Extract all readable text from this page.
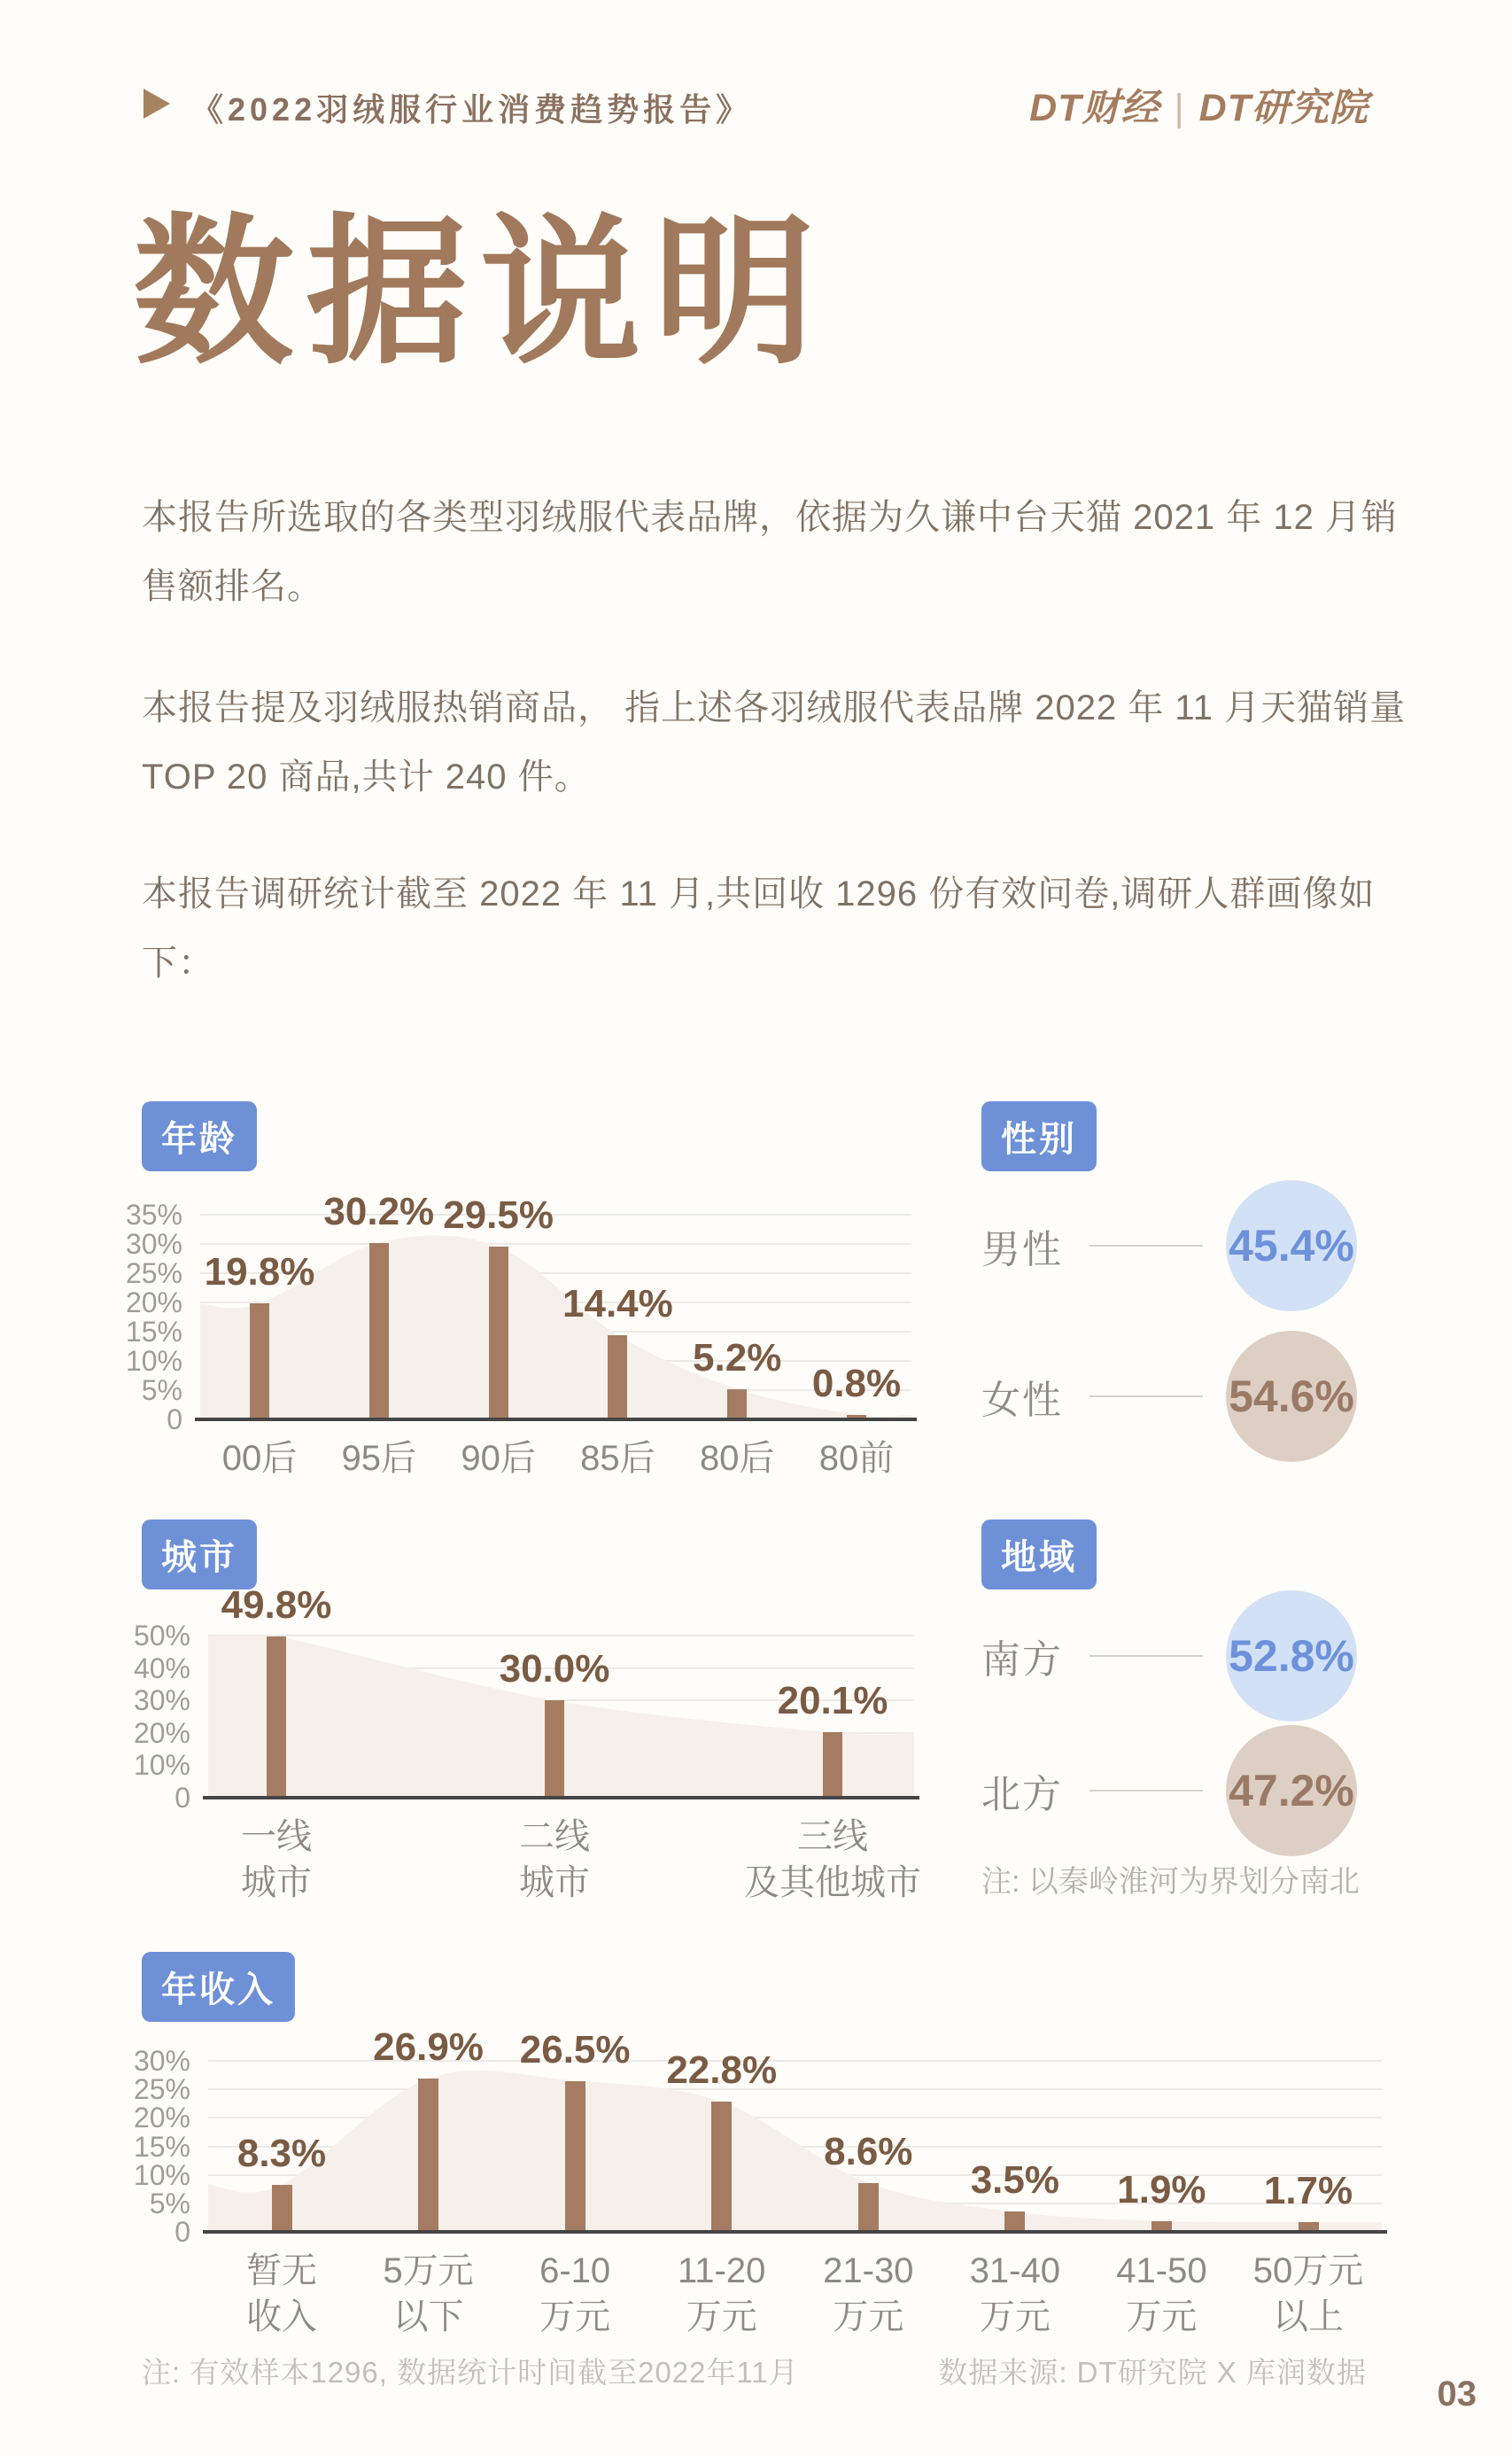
《2022羽绒服行业消费趋势报告》	DT财经 | DT研究院
数据说明

本报告所选取的各类型羽绒服代表品牌，依据为久谦中台天猫 2021 年 12 月销售额排名。

本报告提及羽绒服热销商品， 指上述各羽绒服代表品牌 2022 年 11 月天猫销量 TOP 20 商品,共计 240 件。

本报告调研统计截至 2022 年 11 月,共回收 1296 份有效问卷,调研人群画像如下：

年龄	性别
城市	地域
年收入
35%
30%
25%
20%
15%
10%
5%
0
19.8%
00后
30.2%
95后
29.5%
90后
14.4%
85后
5.2%
80后
0.8%
80前
男性	45.4%
女性	54.6%
50%
40%
30%
20%
10%
0
49.8%
一线
城市
30.0%
二线
城市
20.1%
三线
及其他城市
南方	52.8%
北方	47.2%
30%
25%
20%
15%
10%
5%
0
8.3%
暂无
收入
26.9%
5万元
以下
26.5%
6-10
万元
22.8%
11-20
万元
8.6%
21-30
万元
3.5%
31-40
万元
1.9%
41-50
万元
1.7%
50万元
以上

注: 以秦岭淮河为界划分南北

注: 有效样本1296, 数据统计时间截至2022年11月	数据来源: DT研究院 X 库润数据
03
